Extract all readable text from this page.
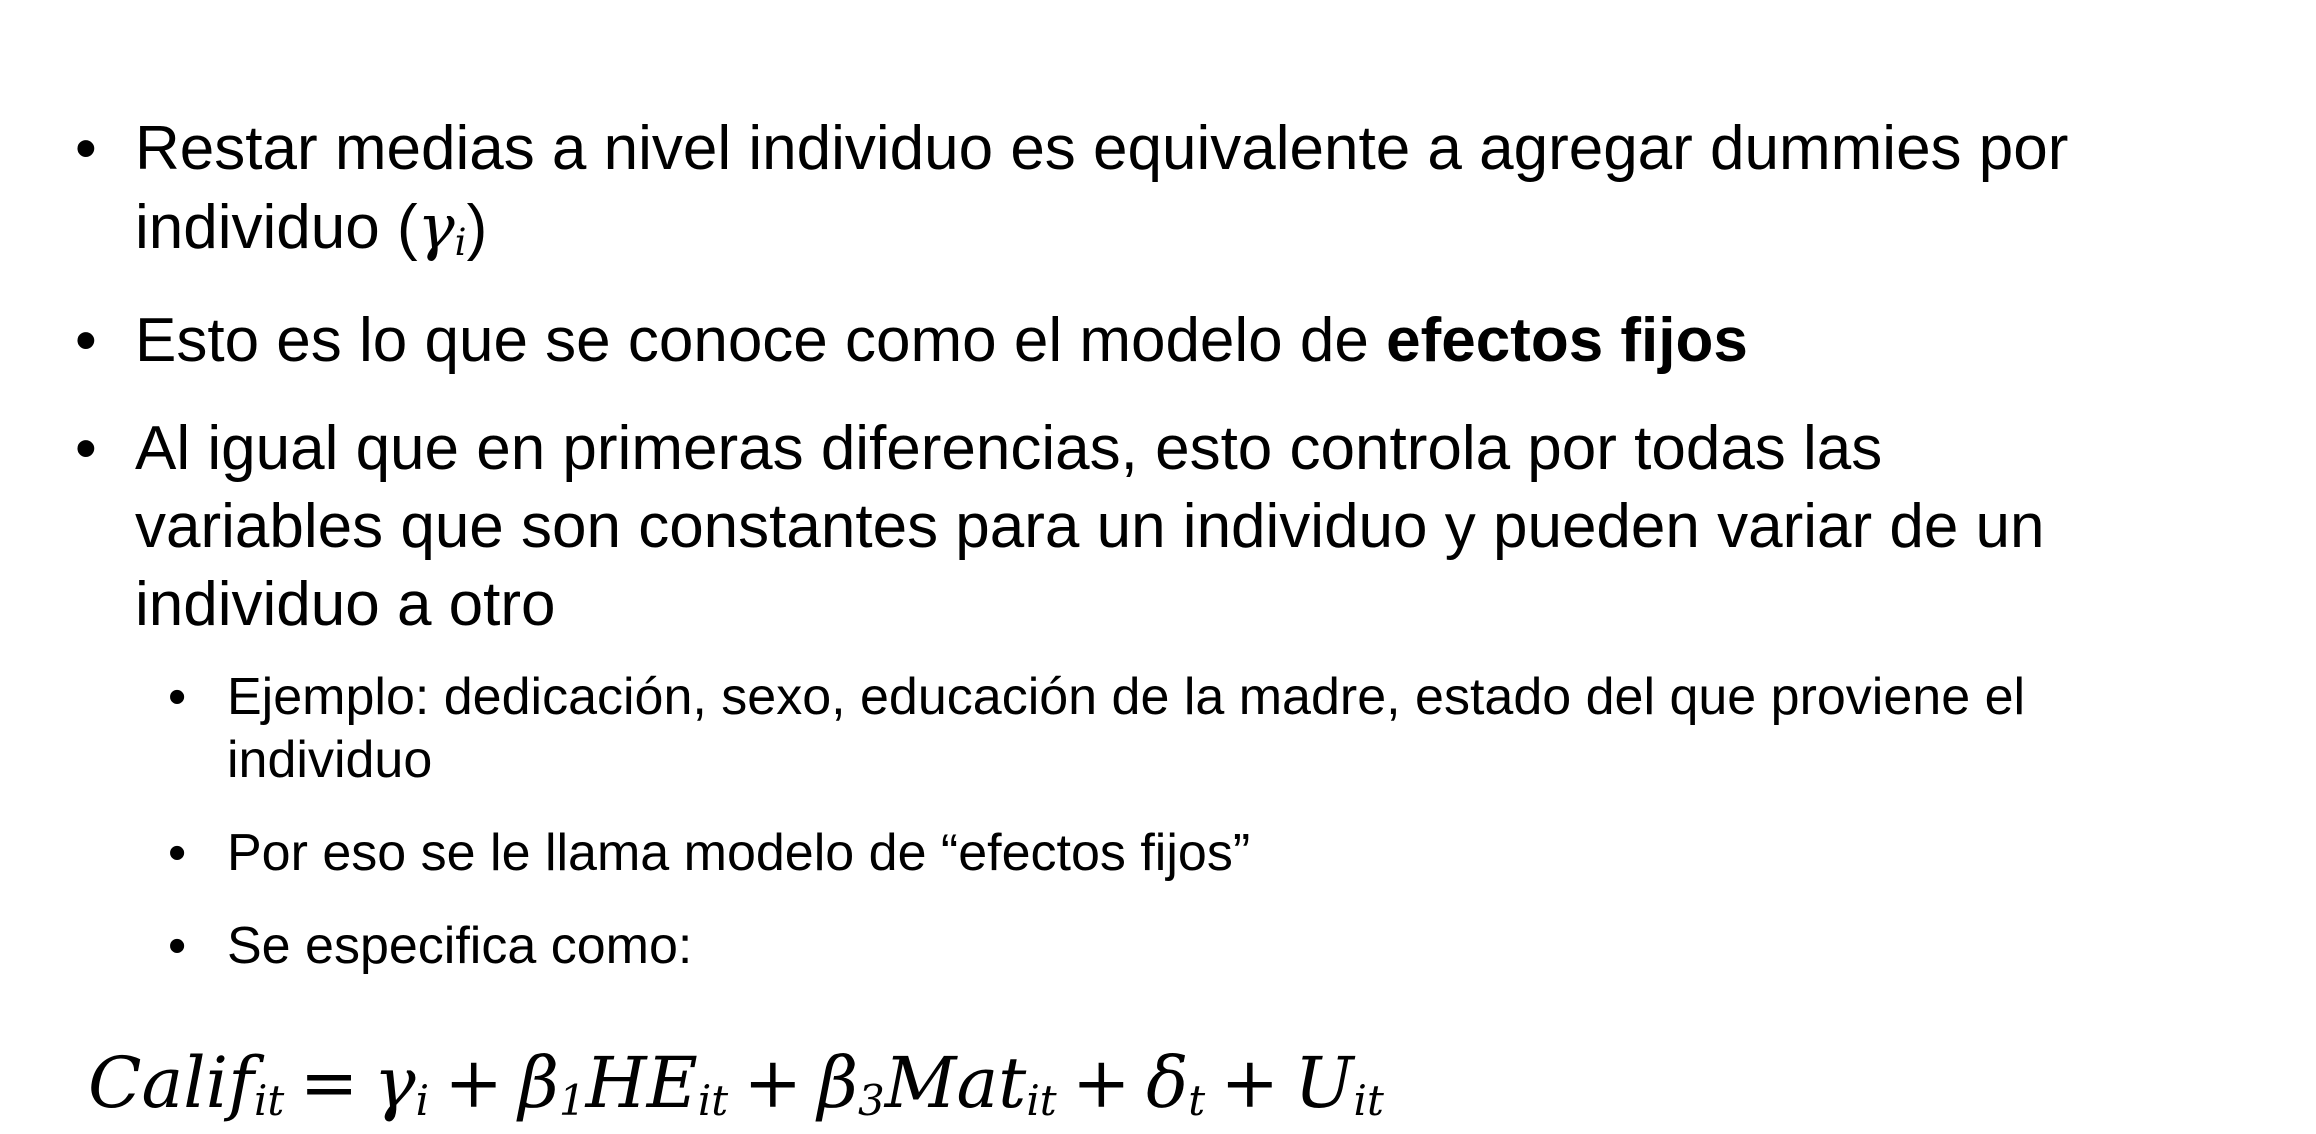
• Restar medias a nivel individuo es equivalente a agregar dummies por
individuo $(\gamma_i)$
• Esto es lo que se conoce como el modelo de efectos fijos
• Al igual que en primeras diferencias, esto controla por todas las
variables que son constantes para un individuo y pueden variar de un
individuo a otro
• Ejemplo: dedicación, sexo, educación de la madre, estado del que proviene el
individuo
• Por eso se le llama modelo de “efectos fijos”
• Se especifica como:
Calif$_{it}$ = $\gamma_i + \beta_1HE_{it} + \beta_3Mat_{it} + \delta_t + U_{it}$
